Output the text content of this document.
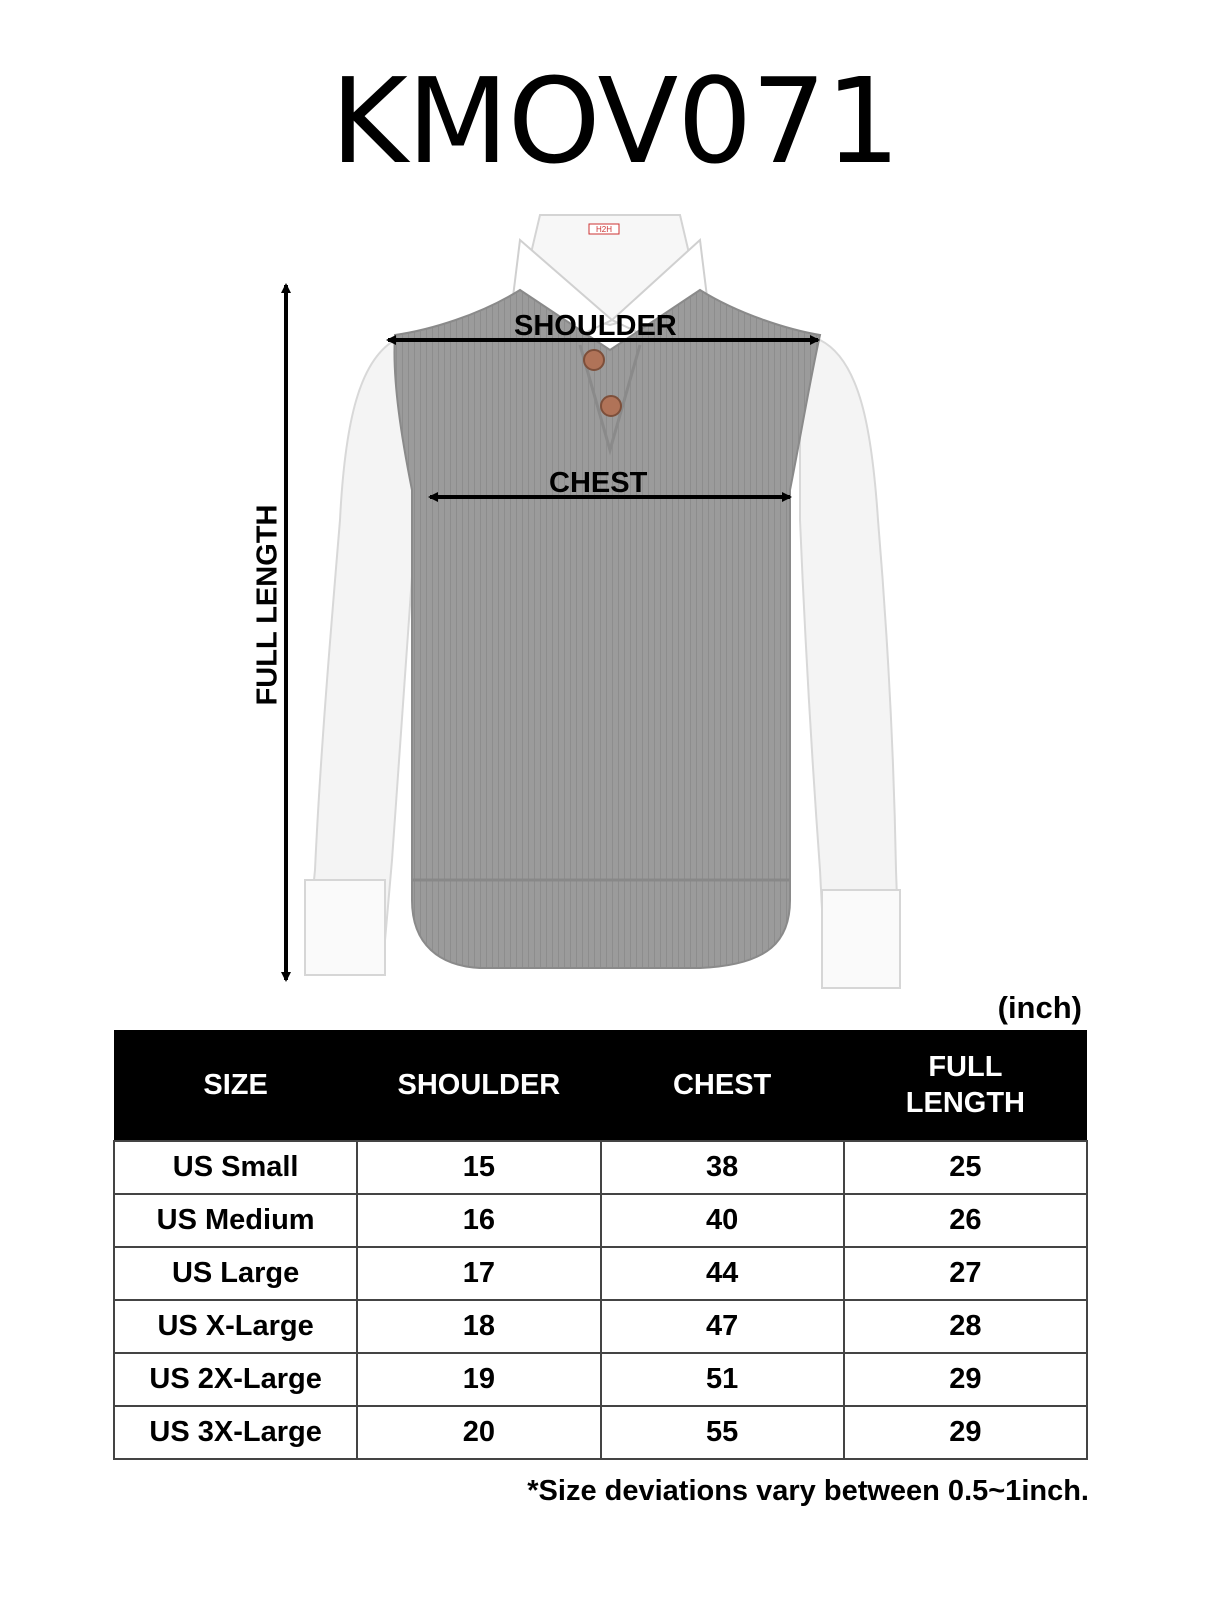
KMOV071
H2H
SHOULDER
CHEST
FULL LENGTH
(inch)
SIZE	SHOULDER	CHEST	FULL LENGTH
US Small	15	38	25
US Medium	16	40	26
US Large	17	44	27
US X-Large	18	47	28
US 2X-Large	19	51	29
US 3X-Large	20	55	29
*Size deviations vary between 0.5~1inch.
